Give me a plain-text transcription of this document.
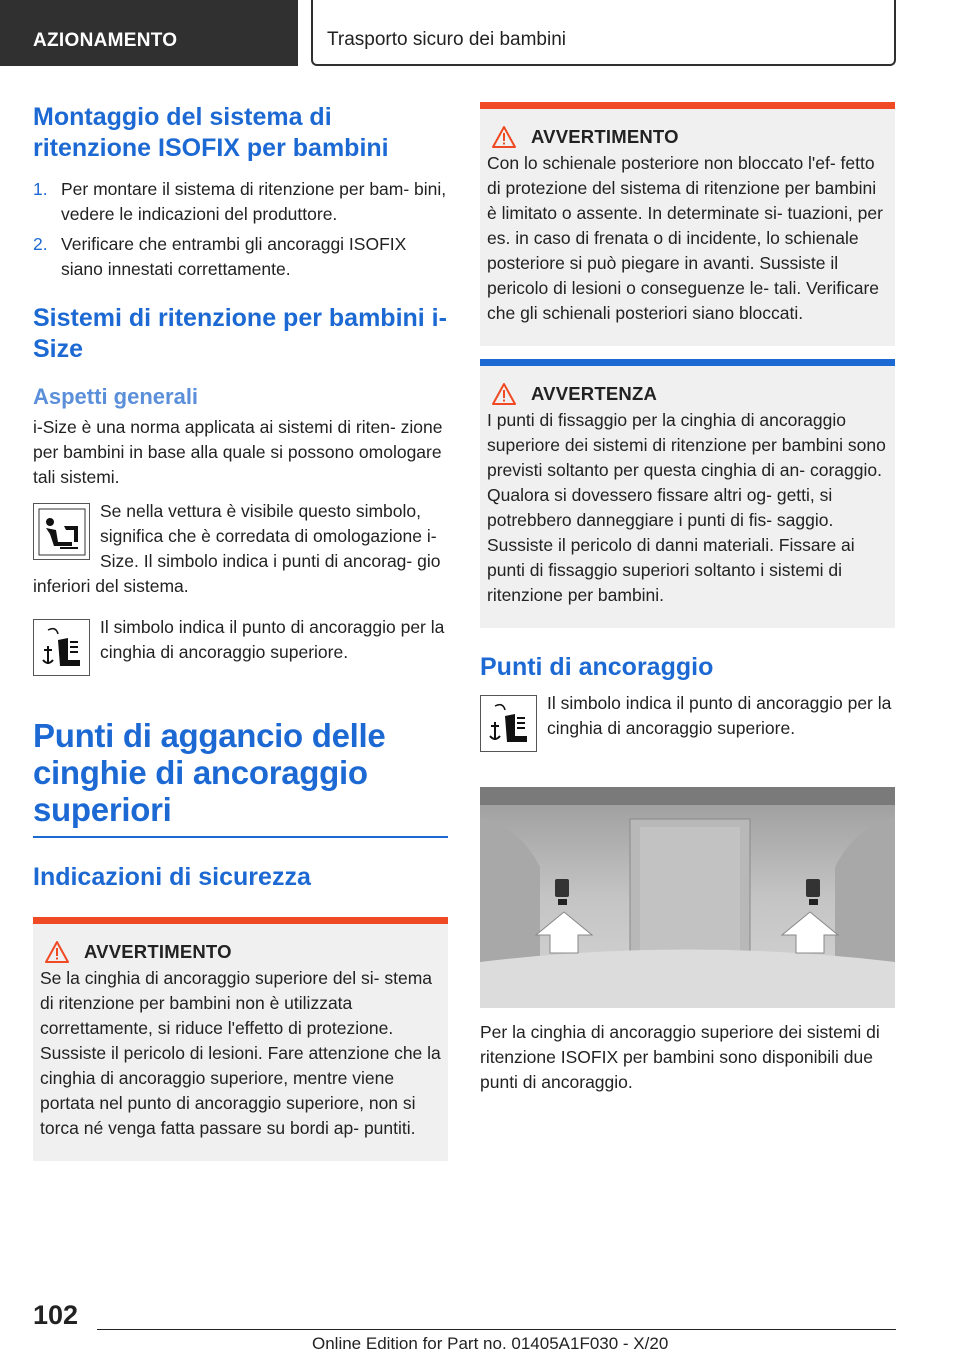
AZIONAMENTO	Trasporto sicuro dei bambini
Montaggio del sistema di ritenzione ISOFIX per bambini
1. Per montare il sistema di ritenzione per bam- bini, vedere le indicazioni del produttore.
2. Verificare che entrambi gli ancoraggi ISOFIX siano innestati correttamente.
Sistemi di ritenzione per bambini i-Size
Aspetti generali

i-Size è una norma applicata ai sistemi di riten- zione per bambini in base alla quale si possono omologare tali sistemi.

Se nella vettura è visibile questo simbolo, significa che è corredata di omologazione i-Size. Il simbolo indica i punti di ancorag- gio inferiori del sistema.

Il simbolo indica il punto di ancoraggio per la cinghia di ancoraggio superiore.

Punti di aggancio delle cinghie di ancoraggio superiori
Indicazioni di sicurezza
AVVERTIMENTO

Se la cinghia di ancoraggio superiore del si- stema di ritenzione per bambini non è utilizzata correttamente, si riduce l'effetto di protezione. Sussiste il pericolo di lesioni. Fare attenzione che la cinghia di ancoraggio superiore, mentre viene portata nel punto di ancoraggio superiore, non si torca né venga fatta passare su bordi ap- puntiti.

AVVERTIMENTO

Con lo schienale posteriore non bloccato l'ef- fetto di protezione del sistema di ritenzione per bambini è limitato o assente. In determinate si- tuazioni, per es. in caso di frenata o di incidente, lo schienale posteriore si può piegare in avanti. Sussiste il pericolo di lesioni o conseguenze le- tali. Verificare che gli schienali posteriori siano bloccati.

AVVERTENZA

I punti di fissaggio per la cinghia di ancoraggio superiore dei sistemi di ritenzione per bambini sono previsti soltanto per questa cinghia di an- coraggio. Qualora si dovessero fissare altri og- getti, si potrebbero danneggiare i punti di fis- saggio. Sussiste il pericolo di danni materiali. Fissare ai punti di fissaggio superiori soltanto i sistemi di ritenzione per bambini.

Punti di ancoraggio

Il simbolo indica il punto di ancoraggio per la cinghia di ancoraggio superiore.

Per la cinghia di ancoraggio superiore dei sistemi di ritenzione ISOFIX per bambini sono disponibili due punti di ancoraggio.

102
Online Edition for Part no. 01405A1F030 - X/20
